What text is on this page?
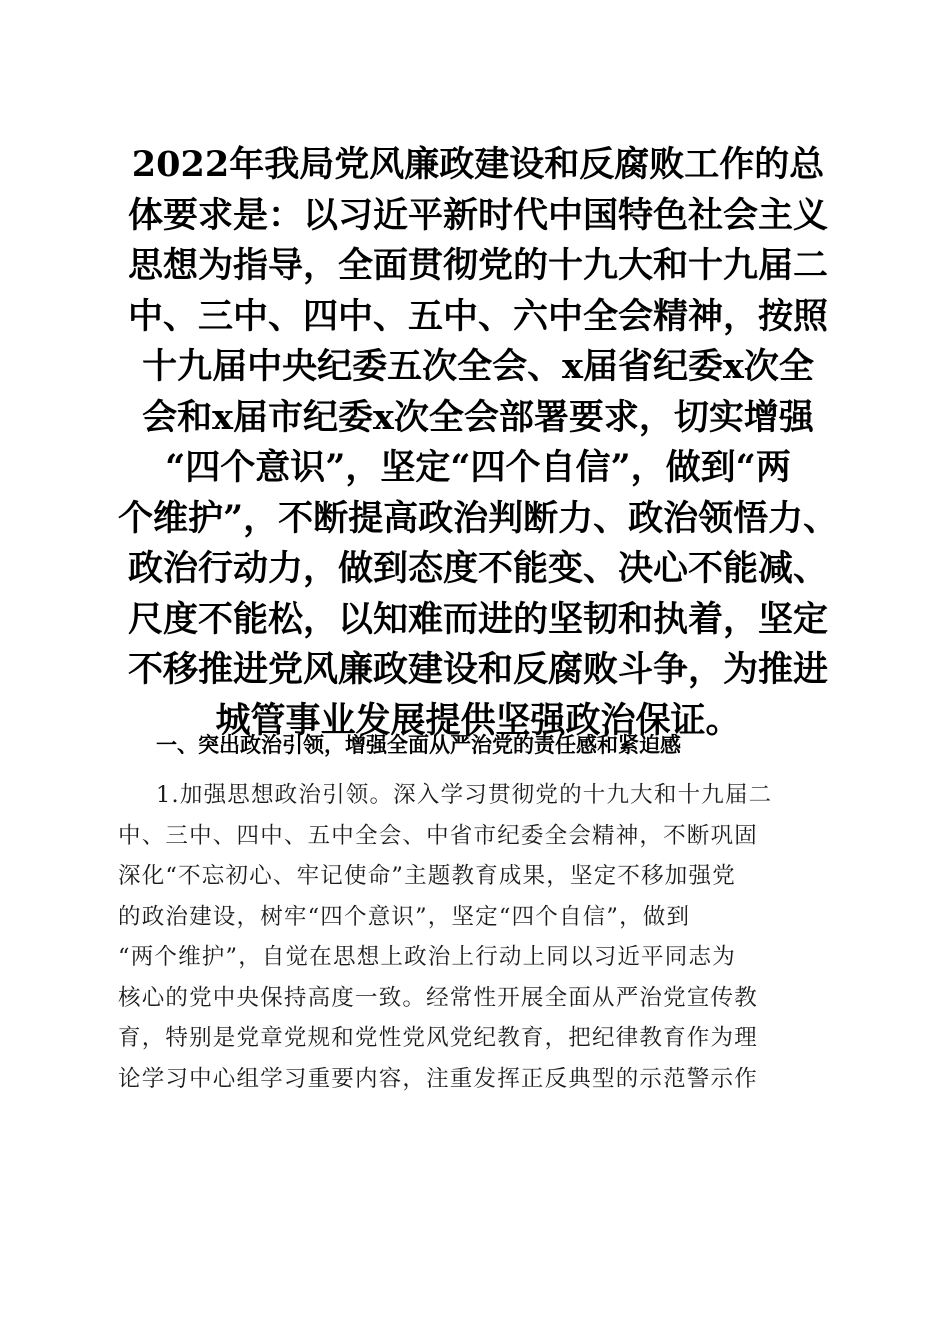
2022年我局党风廉政建设和反腐败工作的总
体要求是：以习近平新时代中国特色社会主义
思想为指导，全面贯彻党的十九大和十九届二
中、三中、四中、五中、六中全会精神，按照
十九届中央纪委五次全会、x届省纪委x次全
会和x届市纪委x次全会部署要求，切实增强
“四个意识”，坚定“四个自信”，做到“两
个维护”，不断提高政治判断力、政治领悟力、
政治行动力，做到态度不能变、决心不能减、
尺度不能松，以知难而进的坚韧和执着，坚定
不移推进党风廉政建设和反腐败斗争，为推进
城管事业发展提供坚强政治保证。
一、突出政治引领，增强全面从严治党的责任感和紧迫感
1.加强思想政治引领。深入学习贯彻党的十九大和十九届二
中、三中、四中、五中全会、中省市纪委全会精神，不断巩固
深化“不忘初心、牢记使命”主题教育成果，坚定不移加强党
的政治建设，树牢“四个意识”，坚定“四个自信”，做到
“两个维护”，自觉在思想上政治上行动上同以习近平同志为
核心的党中央保持高度一致。经常性开展全面从严治党宣传教
育，特别是党章党规和党性党风党纪教育，把纪律教育作为理
论学习中心组学习重要内容，注重发挥正反典型的示范警示作
